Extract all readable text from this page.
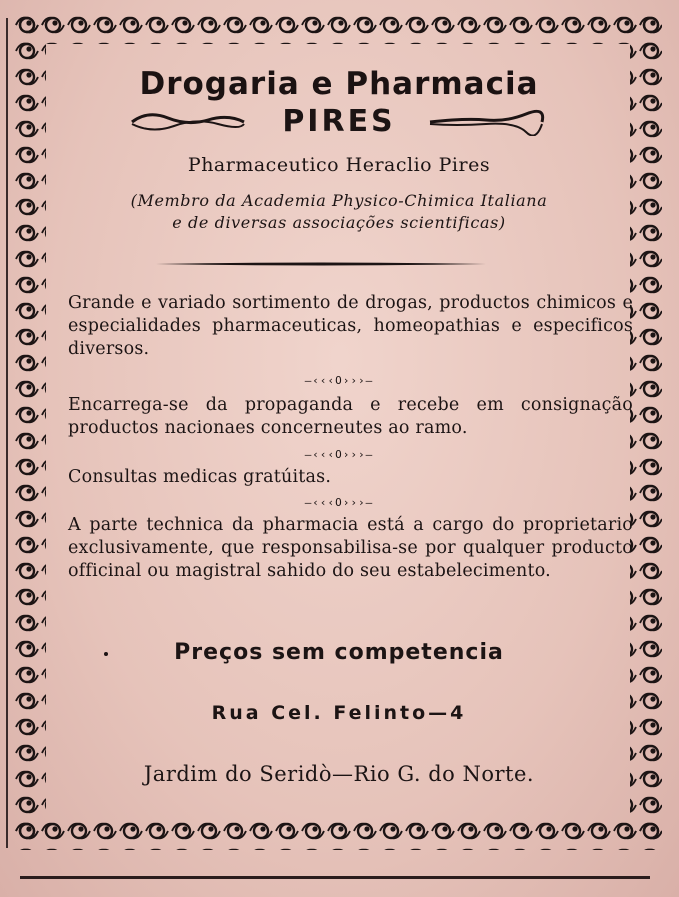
Drogaria e Pharmacia
PIRES
Pharmaceutico Heraclio Pires
(Membro da Academia Physico-Chimica Italiana
e de diversas associações scientificas)
Grande e variado sortimento de drogas, productos chimicos e especialidades pharmaceuticas, homeopathias e especificos diversos.
—‹‹‹O›››—
Encarrega-se da propaganda e recebe em consignação productos nacionaes concerneutes ao ramo.
—‹‹‹O›››—
Consultas medicas gratúitas.
—‹‹‹O›››—
A parte technica da pharmacia está a cargo do proprietario exclusivamente, que responsabilisa-se por qualquer producto officinal ou magistral sahido do seu estabelecimento.
Preços sem competencia
Rua Cel. Felinto—4
Jardim do Seridò—Rio G. do Norte.
